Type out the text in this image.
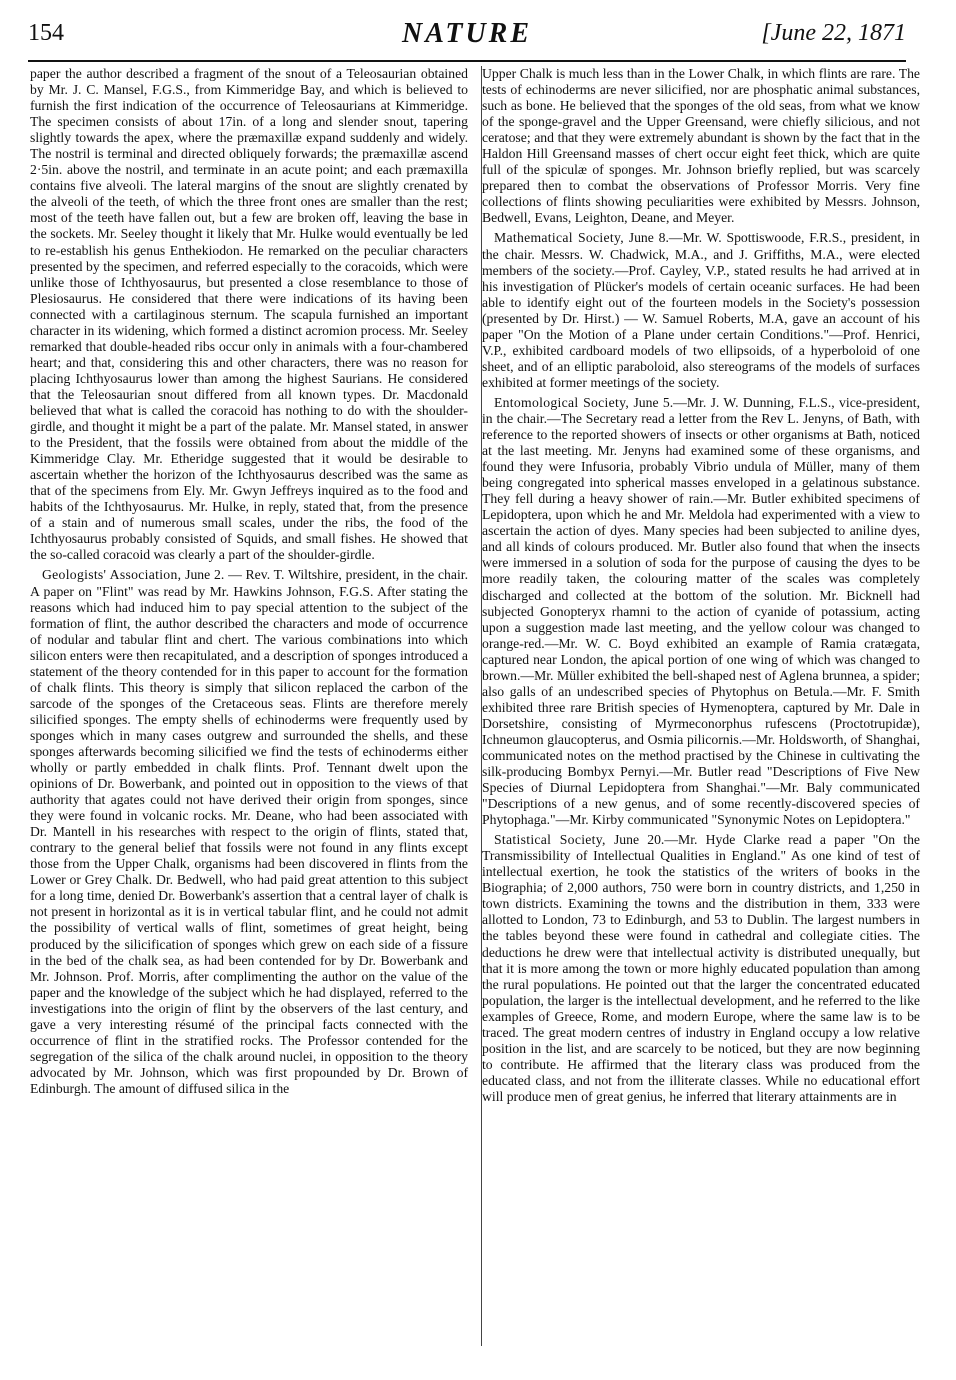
154	NATURE	[June 22, 1871

paper the author described a fragment of the snout of a Teleosaurian obtained by Mr. J. C. Mansel, F.G.S., from Kimmeridge Bay, and which is believed to furnish the first indication of the occurrence of Teleosaurians at Kimmeridge. The specimen consists of about 17in. of a long and slender snout, tapering slightly towards the apex, where the præmaxillæ expand suddenly and widely. The nostril is terminal and directed obliquely forwards; the præmaxillæ ascend 2·5in. above the nostril, and terminate in an acute point; and each præmaxilla contains five alveoli. The lateral margins of the snout are slightly crenated by the alveoli of the teeth, of which the three front ones are smaller than the rest; most of the teeth have fallen out, but a few are broken off, leaving the base in the sockets. Mr. Seeley thought it likely that Mr. Hulke would eventually be led to re-establish his genus Enthekiodon. He remarked on the peculiar characters presented by the specimen, and referred especially to the coracoids, which were unlike those of Ichthyosaurus, but presented a close resemblance to those of Plesiosaurus. He considered that there were indications of its having been connected with a cartilaginous sternum. The scapula furnished an important character in its widening, which formed a distinct acromion process. Mr. Seeley remarked that double-headed ribs occur only in animals with a four-chambered heart; and that, considering this and other characters, there was no reason for placing Ichthyosaurus lower than among the highest Saurians. He considered that the Teleosaurian snout differed from all known types. Dr. Macdonald believed that what is called the coracoid has nothing to do with the shoulder-girdle, and thought it might be a part of the palate. Mr. Mansel stated, in answer to the President, that the fossils were obtained from about the middle of the Kimmeridge Clay. Mr. Etheridge suggested that it would be desirable to ascertain whether the horizon of the Ichthyosaurus described was the same as that of the specimens from Ely. Mr. Gwyn Jeffreys inquired as to the food and habits of the Ichthyosaurus. Mr. Hulke, in reply, stated that, from the presence of a stain and of numerous small scales, under the ribs, the food of the Ichthyosaurus probably consisted of Squids, and small fishes. He showed that the so-called coracoid was clearly a part of the shoulder-girdle.

Geologists' Association, June 2. — Rev. T. Wiltshire, president, in the chair. A paper on "Flint" was read by Mr. Hawkins Johnson, F.G.S. After stating the reasons which had induced him to pay special attention to the subject of the formation of flint, the author described the characters and mode of occurrence of nodular and tabular flint and chert. The various combinations into which silicon enters were then recapitulated, and a description of sponges introduced a statement of the theory contended for in this paper to account for the formation of chalk flints. This theory is simply that silicon replaced the carbon of the sarcode of the sponges of the Cretaceous seas. Flints are therefore merely silicified sponges. The empty shells of echinoderms were frequently used by sponges which in many cases outgrew and surrounded the shells, and these sponges afterwards becoming silicified we find the tests of echinoderms either wholly or partly embedded in chalk flints. Prof. Tennant dwelt upon the opinions of Dr. Bowerbank, and pointed out in opposition to the views of that authority that agates could not have derived their origin from sponges, since they were found in volcanic rocks. Mr. Deane, who had been associated with Dr. Mantell in his researches with respect to the origin of flints, stated that, contrary to the general belief that fossils were not found in any flints except those from the Upper Chalk, organisms had been discovered in flints from the Lower or Grey Chalk. Dr. Bedwell, who had paid great attention to this subject for a long time, denied Dr. Bowerbank's assertion that a central layer of chalk is not present in horizontal as it is in vertical tabular flint, and he could not admit the possibility of vertical walls of flint, sometimes of great height, being produced by the silicification of sponges which grew on each side of a fissure in the bed of the chalk sea, as had been contended for by Dr. Bowerbank and Mr. Johnson. Prof. Morris, after complimenting the author on the value of the paper and the knowledge of the subject which he had displayed, referred to the investigations into the origin of flint by the observers of the last century, and gave a very interesting résumé of the principal facts connected with the occurrence of flint in the stratified rocks. The Professor contended for the segregation of the silica of the chalk around nuclei, in opposition to the theory advocated by Mr. Johnson, which was first propounded by Dr. Brown of Edinburgh. The amount of diffused silica in the

Upper Chalk is much less than in the Lower Chalk, in which flints are rare. The tests of echinoderms are never silicified, nor are phosphatic animal substances, such as bone. He believed that the sponges of the old seas, from what we know of the sponge-gravel and the Upper Greensand, were chiefly silicious, and not ceratose; and that they were extremely abundant is shown by the fact that in the Haldon Hill Greensand masses of chert occur eight feet thick, which are quite full of the spiculæ of sponges. Mr. Johnson briefly replied, but was scarcely prepared then to combat the observations of Professor Morris. Very fine collections of flints showing peculiarities were exhibited by Messrs. Johnson, Bedwell, Evans, Leighton, Deane, and Meyer.

Mathematical Society, June 8.—Mr. W. Spottiswoode, F.R.S., president, in the chair. Messrs. W. Chadwick, M.A., and J. Griffiths, M.A., were elected members of the society.—Prof. Cayley, V.P., stated results he had arrived at in his investigation of Plücker's models of certain oceanic surfaces. He had been able to identify eight out of the fourteen models in the Society's possession (presented by Dr. Hirst.) — W. Samuel Roberts, M.A, gave an account of his paper "On the Motion of a Plane under certain Conditions."—Prof. Henrici, V.P., exhibited cardboard models of two ellipsoids, of a hyperboloid of one sheet, and of an elliptic paraboloid, also stereograms of the models of surfaces exhibited at former meetings of the society.

Entomological Society, June 5.—Mr. J. W. Dunning, F.L.S., vice-president, in the chair.—The Secretary read a letter from the Rev L. Jenyns, of Bath, with reference to the reported showers of insects or other organisms at Bath, noticed at the last meeting. Mr. Jenyns had examined some of these organisms, and found they were Infusoria, probably Vibrio undula of Müller, many of them being congregated into spherical masses enveloped in a gelatinous substance. They fell during a heavy shower of rain.—Mr. Butler exhibited specimens of Lepidoptera, upon which he and Mr. Meldola had experimented with a view to ascertain the action of dyes. Many species had been subjected to aniline dyes, and all kinds of colours produced. Mr. Butler also found that when the insects were immersed in a solution of soda for the purpose of causing the dyes to be more readily taken, the colouring matter of the scales was completely discharged and collected at the bottom of the solution. Mr. Bicknell had subjected Gonopteryx rhamni to the action of cyanide of potassium, acting upon a suggestion made last meeting, and the yellow colour was changed to orange-red.—Mr. W. C. Boyd exhibited an example of Ramia cratægata, captured near London, the apical portion of one wing of which was changed to brown.—Mr. Müller exhibited the bell-shaped nest of Aglena brunnea, a spider; also galls of an undescribed species of Phytophus on Betula.—Mr. F. Smith exhibited three rare British species of Hymenoptera, captured by Mr. Dale in Dorsetshire, consisting of Myrmeconorphus rufescens (Proctotrupidæ), Ichneumon glaucopterus, and Osmia pilicornis.—Mr. Holdsworth, of Shanghai, communicated notes on the method practised by the Chinese in cultivating the silk-producing Bombyx Pernyi.—Mr. Butler read "Descriptions of Five New Species of Diurnal Lepidoptera from Shanghai."—Mr. Baly communicated "Descriptions of a new genus, and of some recently-discovered species of Phytophaga."—Mr. Kirby communicated "Synonymic Notes on Lepidoptera."

Statistical Society, June 20.—Mr. Hyde Clarke read a paper "On the Transmissibility of Intellectual Qualities in England." As one kind of test of intellectual exertion, he took the statistics of the writers of books in the Biographia; of 2,000 authors, 750 were born in country districts, and 1,250 in town districts. Examining the towns and the distribution in them, 333 were allotted to London, 73 to Edinburgh, and 53 to Dublin. The largest numbers in the tables beyond these were found in cathedral and collegiate cities. The deductions he drew were that intellectual activity is distributed unequally, but that it is more among the town or more highly educated population than among the rural populations. He pointed out that the larger the concentrated educated population, the larger is the intellectual development, and he referred to the like examples of Greece, Rome, and modern Europe, where the same law is to be traced. The great modern centres of industry in England occupy a low relative position in the list, and are scarcely to be noticed, but they are now beginning to contribute. He affirmed that the literary class was produced from the educated class, and not from the illiterate classes. While no educational effort will produce men of great genius, he inferred that literary attainments are in
